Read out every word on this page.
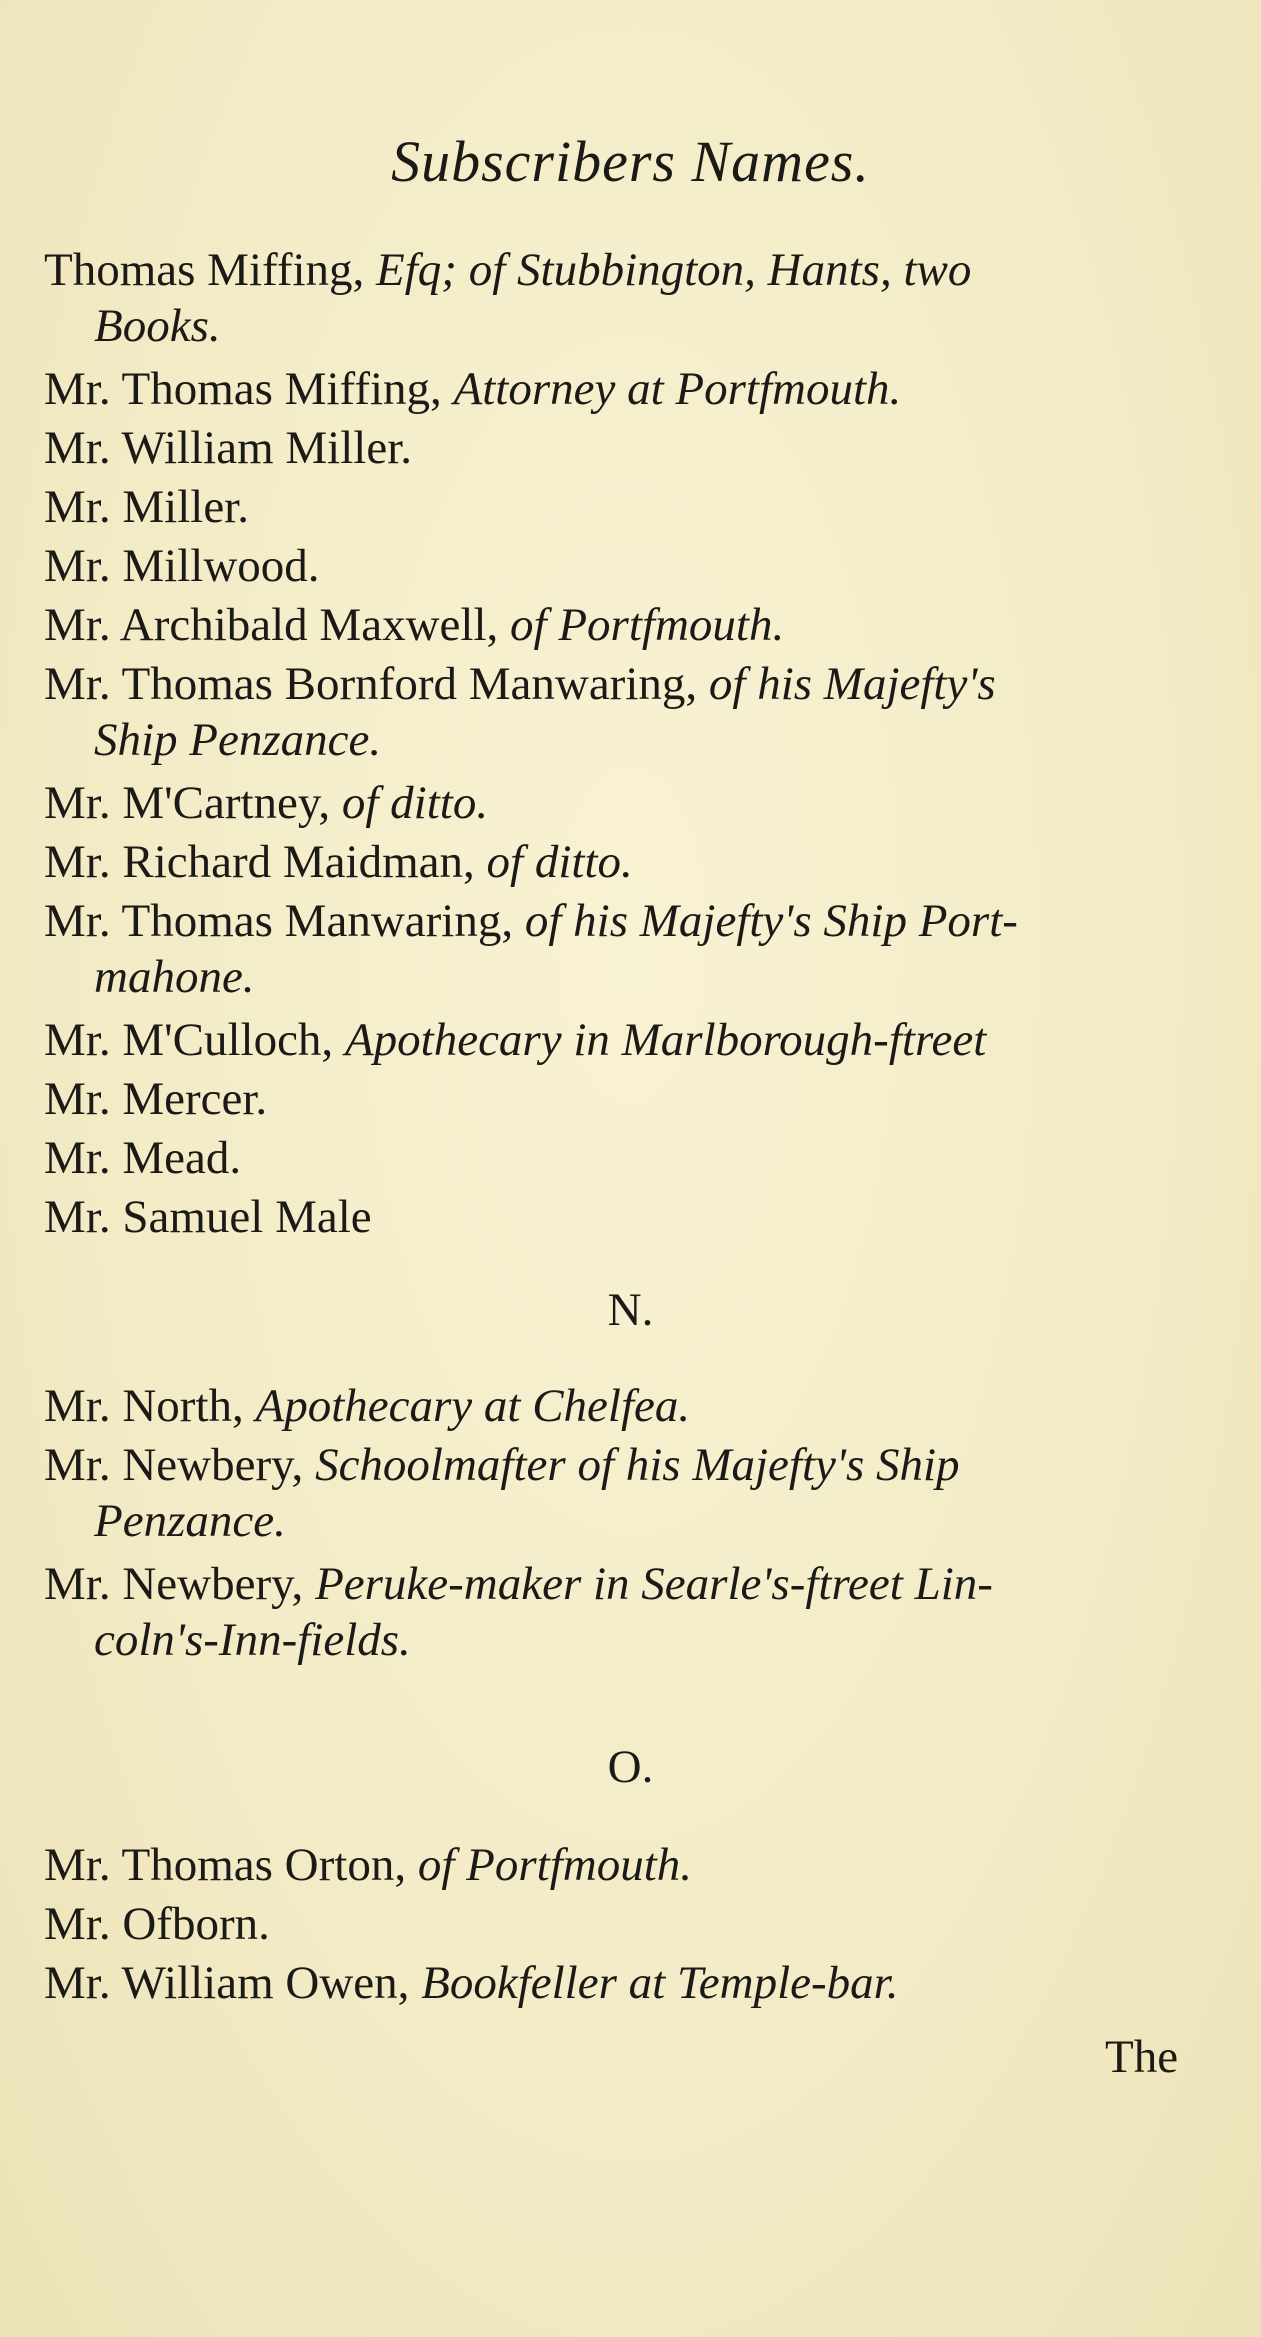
Subscribers Names.
Thomas Miffing, Efq; of Stubbington, Hants, two
Books.
Mr. Thomas Miffing, Attorney at Portfmouth.
Mr. William Miller.
Mr. Miller.
Mr. Millwood.
Mr. Archibald Maxwell, of Portfmouth.
Mr. Thomas Bornford Manwaring, of his Majefty's
Ship Penzance.
Mr. M'Cartney, of ditto.
Mr. Richard Maidman, of ditto.
Mr. Thomas Manwaring, of his Majefty's Ship Port-
mahone.
Mr. M'Culloch, Apothecary in Marlborough-ftreet
Mr. Mercer.
Mr. Mead.
Mr. Samuel Male
N.
Mr. North, Apothecary at Chelfea.
Mr. Newbery, Schoolmafter of his Majefty's Ship
Penzance.
Mr. Newbery, Peruke-maker in Searle's-ftreet Lin-
coln's-Inn-fields.
O.
Mr. Thomas Orton, of Portfmouth.
Mr. Ofborn.
Mr. William Owen, Bookfeller at Temple-bar.
The
